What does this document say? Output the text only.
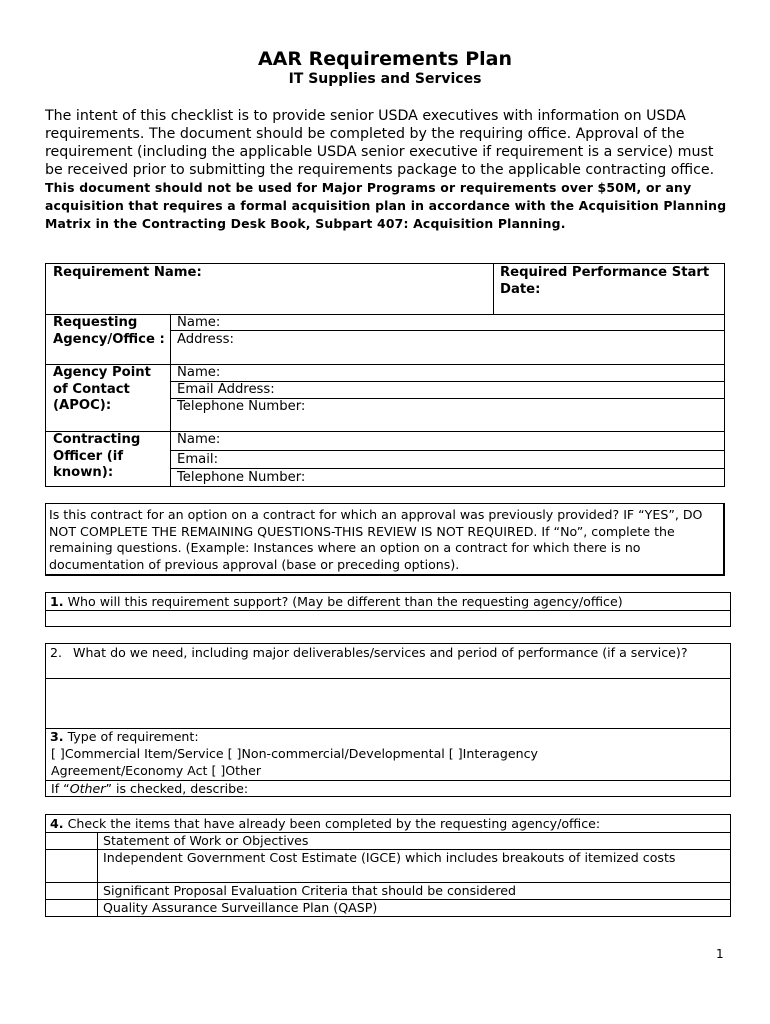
AAR Requirements Plan
IT Supplies and Services
The intent of this checklist is to provide senior USDA executives with information on USDA requirements. The document should be completed by the requiring office. Approval of the requirement (including the applicable USDA senior executive if requirement is a service) must be received prior to submitting the requirements package to the applicable contracting office. This document should not be used for Major Programs or requirements over $50M, or any acquisition that requires a formal acquisition plan in accordance with the Acquisition Planning Matrix in the Contracting Desk Book, Subpart 407: Acquisition Planning.
Requirement Name:	Required Performance Start Date:
Requesting Agency/Office :
Name:
Address:
Agency Point of Contact (APOC):
Name:
Email Address:
Telephone Number:
Contracting Officer (if known):
Name:
Email:
Telephone Number:
Is this contract for an option on a contract for which an approval was previously provided? IF “YES”, DO NOT COMPLETE THE REMAINING QUESTIONS-THIS REVIEW IS NOT REQUIRED. If “No”, complete the remaining questions. (Example: Instances where an option on a contract for which there is no documentation of previous approval (base or preceding options).
1. Who will this requirement support? (May be different than the requesting agency/office)
2. What do we need, including major deliverables/services and period of performance (if a service)?
3. Type of requirement:
[ ]Commercial Item/Service [ ]Non-commercial/Developmental [ ]Interagency Agreement/Economy Act [ ]Other
If “Other” is checked, describe:
4. Check the items that have already been completed by the requesting agency/office:
Statement of Work or Objectives
Independent Government Cost Estimate (IGCE) which includes breakouts of itemized costs
Significant Proposal Evaluation Criteria that should be considered
Quality Assurance Surveillance Plan (QASP)
1
